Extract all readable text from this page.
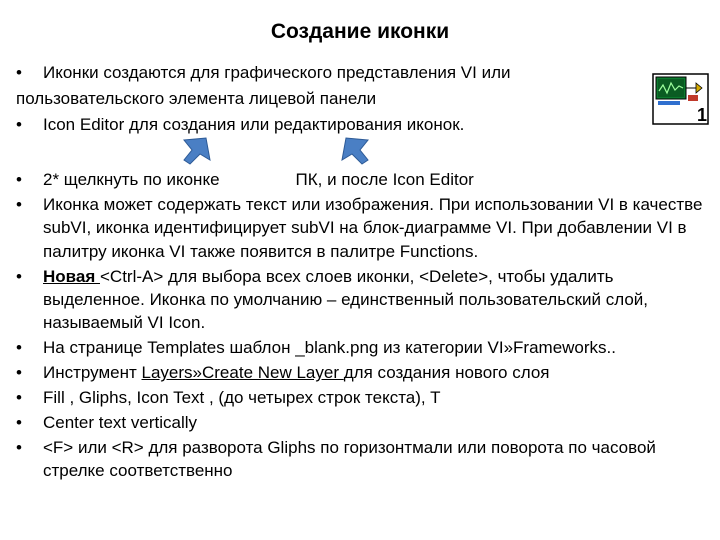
Создание иконки
• Иконки создаются для графического представления VI или
пользовательского элемента лицевой панели
• Icon Editor для создания или редактирования иконок.	1
•	2* щелкнуть по иконке	ПК, и после Icon Editor
•	Иконка может содержать текст или изображения. При использовании VI в качестве subVI, иконка идентифицирует subVI на блок-диаграмме VI. При добавлении VI в палитру иконка VI также появится в палитре Functions.
•	Новая <Ctrl-A> для выбора всех слоев иконки, <Delete>, чтобы удалить выделенное. Иконка по умолчанию – единственный пользовательский слой, называемый VI Icon.
•	На странице Templates шаблон _blank.png из категории VI»Frameworks..
•	Инструмент Layers»Create New Layer для создания нового слоя
•	Fill , Gliphs, Icon Text , (до четырех строк текста), T
•	Center text vertically
•	<F> или <R> для разворота Gliphs по горизонтмали или поворота по часовой стрелке соответственно
